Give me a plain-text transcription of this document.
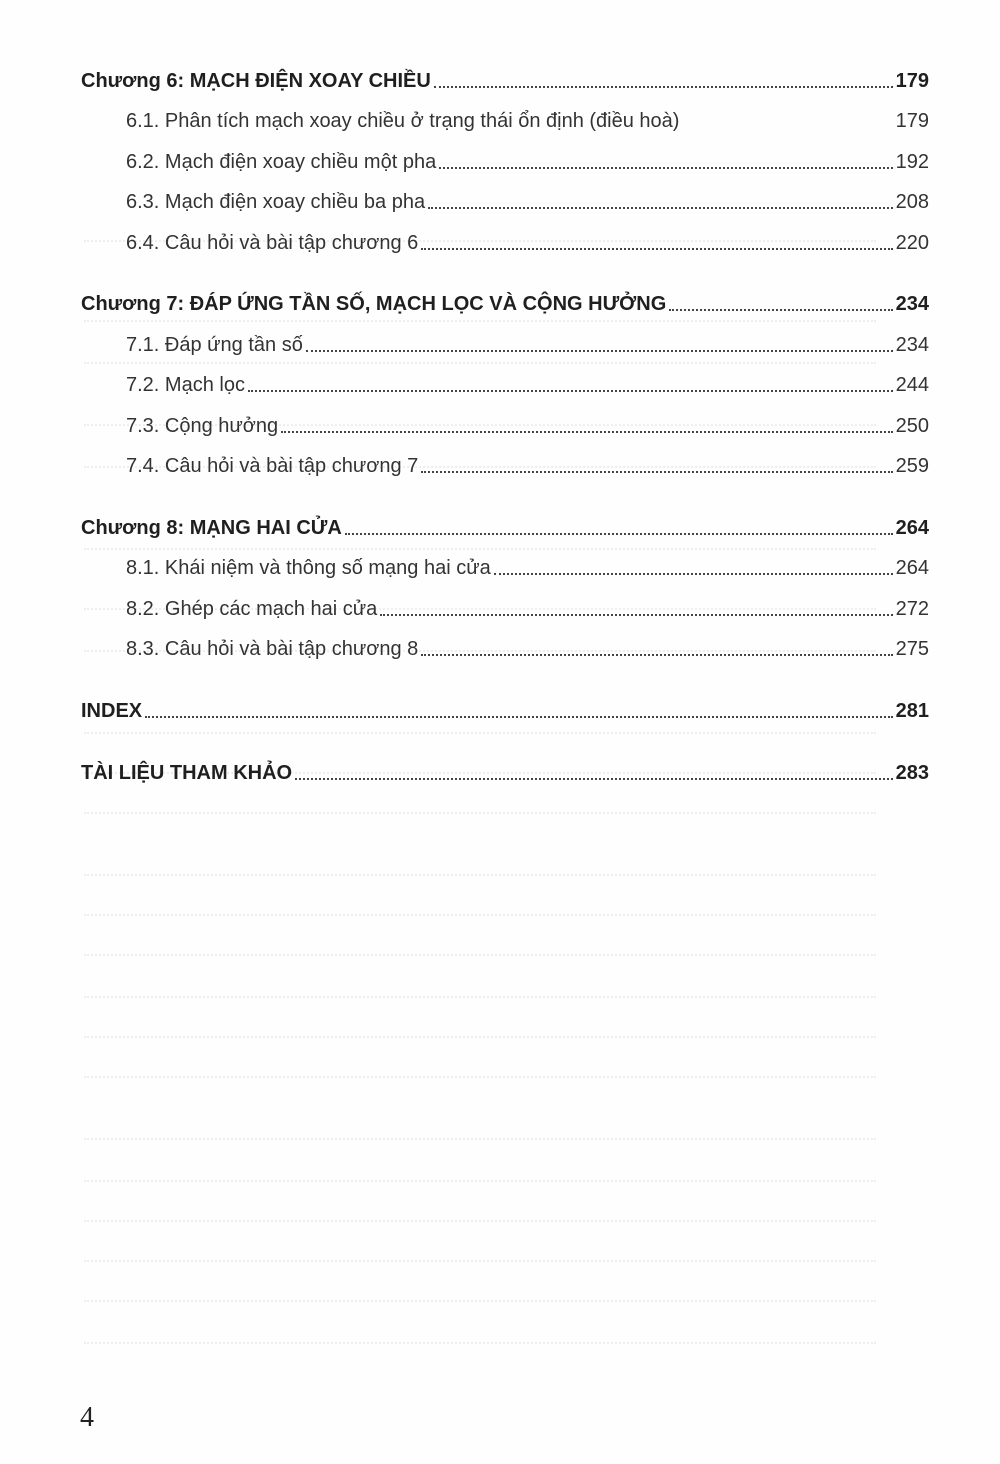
Chương 6: MẠCH ĐIỆN XOAY CHIỀU	179
6.1. Phân tích mạch xoay chiều ở trạng thái ổn định (điều hoà)	179
6.2. Mạch điện xoay chiều một pha	192
6.3. Mạch điện xoay chiều ba pha	208
6.4. Câu hỏi và bài tập chương 6	220
Chương 7: ĐÁP ỨNG TẦN SỐ, MẠCH LỌC VÀ CỘNG HƯỞNG	234
7.1. Đáp ứng tần số	234
7.2. Mạch lọc	244
7.3. Cộng hưởng	250
7.4. Câu hỏi và bài tập chương 7	259
Chương 8: MẠNG HAI CỬA	264
8.1. Khái niệm và thông số mạng hai cửa	264
8.2. Ghép các mạch hai cửa	272
8.3. Câu hỏi và bài tập chương 8	275
INDEX	281
TÀI LIỆU THAM KHẢO	283
4
